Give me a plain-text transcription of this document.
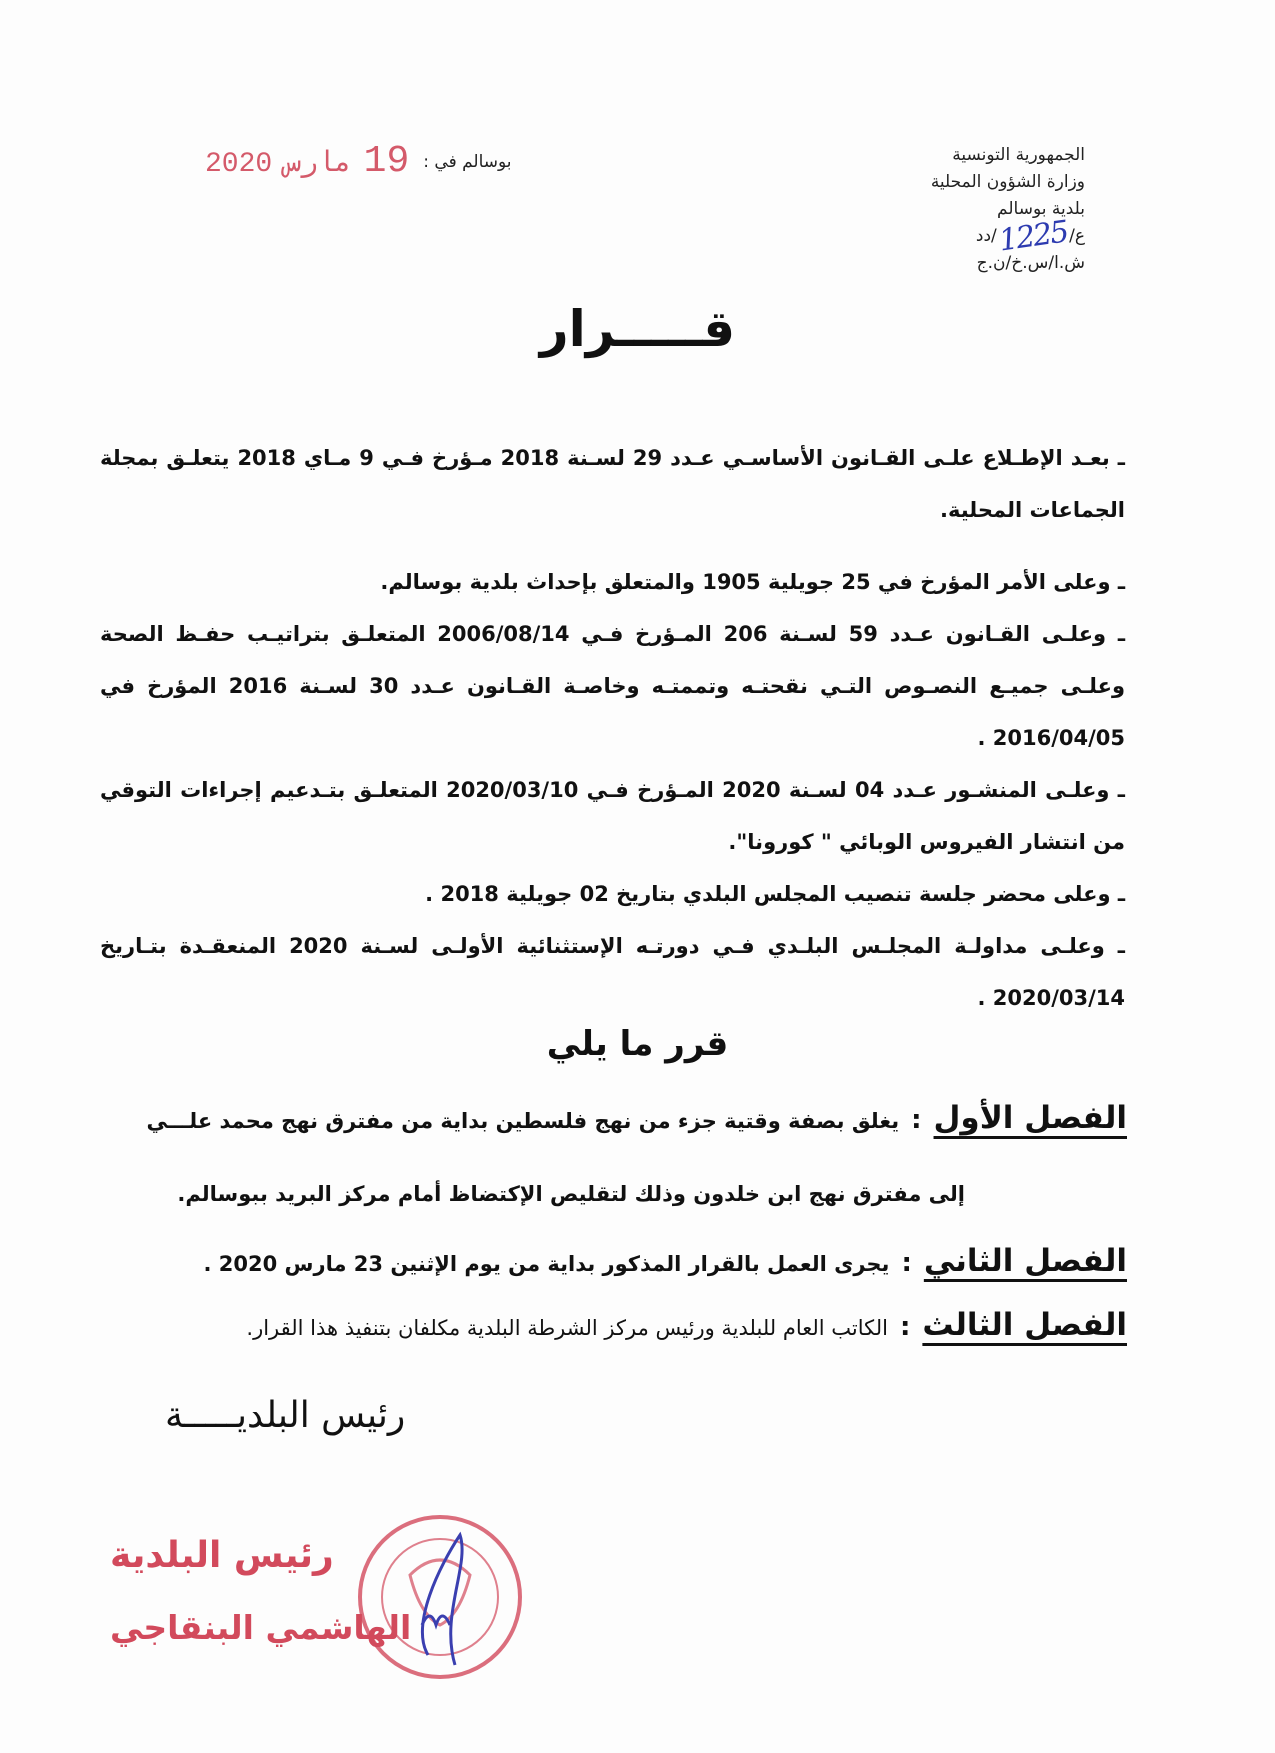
الجمهورية التونسية
وزارة الشؤون المحلية
بلدية بوسالم
ع/
1225
/دد
ش.ا/س.خ/ن.ج
بوسالم في :
19
مارس
2020
قـــــرار

ـ بعـد الإطـلاع علـى القـانون الأساسـي عـدد 29 لسـنة 2018 مـؤرخ فـي 9 مـاي 2018 يتعلـق بمجلة الجماعات المحلية.

ـ وعلى الأمر المؤرخ في 25 جويلية 1905 والمتعلق بإحداث بلدية بوسالم.

ـ وعلـى القـانون عـدد 59 لسـنة 206 المـؤرخ فـي 2006/08/14 المتعلـق بتراتيـب حفـظ الصحة وعلـى جميـع النصـوص التـي نقحتـه وتممتـه وخاصـة القـانون عـدد 30 لسـنة 2016 المؤرخ في 2016/04/05 .

ـ وعلـى المنشـور عـدد 04 لسـنة 2020 المـؤرخ فـي 2020/03/10 المتعلـق بتـدعيم إجراءات التوقي من انتشار الفيروس الوبائي " كورونا".

ـ وعلى محضر جلسة تنصيب المجلس البلدي بتاريخ 02 جويلية 2018 .

ـ وعلـى مداولـة المجلـس البلـدي فـي دورتـه الإستثنائية الأولـى لسـنة 2020 المنعقـدة بتـاريخ 2020/03/14 .

قرر ما يلي
الفصل الأول
:
يغلق بصفة وقتية جزء من نهج فلسطين بداية من مفترق نهج محمد علـــي
إلى مفترق نهج ابن خلدون وذلك لتقليص الإكتضاظ أمام مركز البريد ببوسالم.
الفصل الثاني
:
يجرى العمل بالقرار المذكور بداية من يوم الإثنين 23 مارس 2020 .
الفصل الثالث
:
الكاتب العام للبلدية ورئيس مركز الشرطة البلدية مكلفان بتنفيذ هذا القرار.
رئيس البلديـــــة
رئيس البلدية
الهاشمي البنقاجي
